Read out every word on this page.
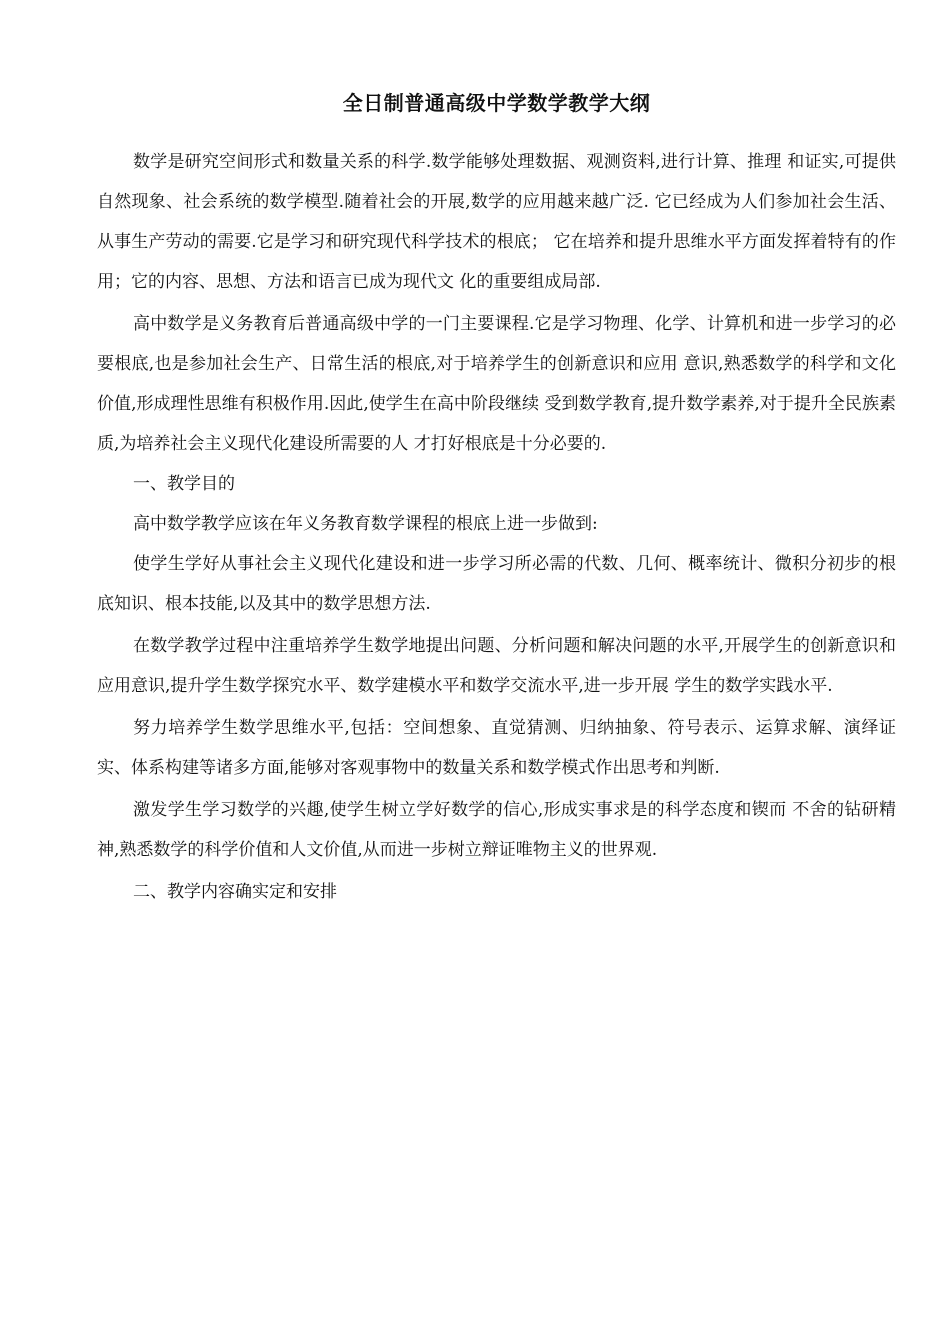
全日制普通高级中学数学教学大纲

数学是研究空间形式和数量关系的科学.数学能够处理数据、观测资料,进行计算、推理 和证实,可提供自然现象、社会系统的数学模型.随着社会的开展,数学的应用越来越广泛. 它已经成为人们参加社会生活、从事生产劳动的需要.它是学习和研究现代科学技术的根底； 它在培养和提升思维水平方面发挥着特有的作用；它的内容、思想、方法和语言已成为现代文 化的重要组成局部.

高中数学是义务教育后普通高级中学的一门主要课程.它是学习物理、化学、计算机和进一步学习的必要根底,也是参加社会生产、日常生活的根底,对于培养学生的创新意识和应用 意识,熟悉数学的科学和文化价值,形成理性思维有积极作用.因此,使学生在高中阶段继续 受到数学教育,提升数学素养,对于提升全民族素质,为培养社会主义现代化建设所需要的人 才打好根底是十分必要的.

一、教学目的

高中数学教学应该在年义务教育数学课程的根底上进一步做到:

使学生学好从事社会主义现代化建设和进一步学习所必需的代数、几何、概率统计、微积分初步的根底知识、根本技能,以及其中的数学思想方法.

在数学教学过程中注重培养学生数学地提出问题、分析问题和解决问题的水平,开展学生的创新意识和应用意识,提升学生数学探究水平、数学建模水平和数学交流水平,进一步开展 学生的数学实践水平.

努力培养学生数学思维水平,包括：空间想象、直觉猜测、归纳抽象、符号表示、运算求解、演绎证实、体系构建等诸多方面,能够对客观事物中的数量关系和数学模式作出思考和判断.

激发学生学习数学的兴趣,使学生树立学好数学的信心,形成实事求是的科学态度和锲而 不舍的钻研精神,熟悉数学的科学价值和人文价值,从而进一步树立辩证唯物主义的世界观.

二、教学内容确实定和安排
